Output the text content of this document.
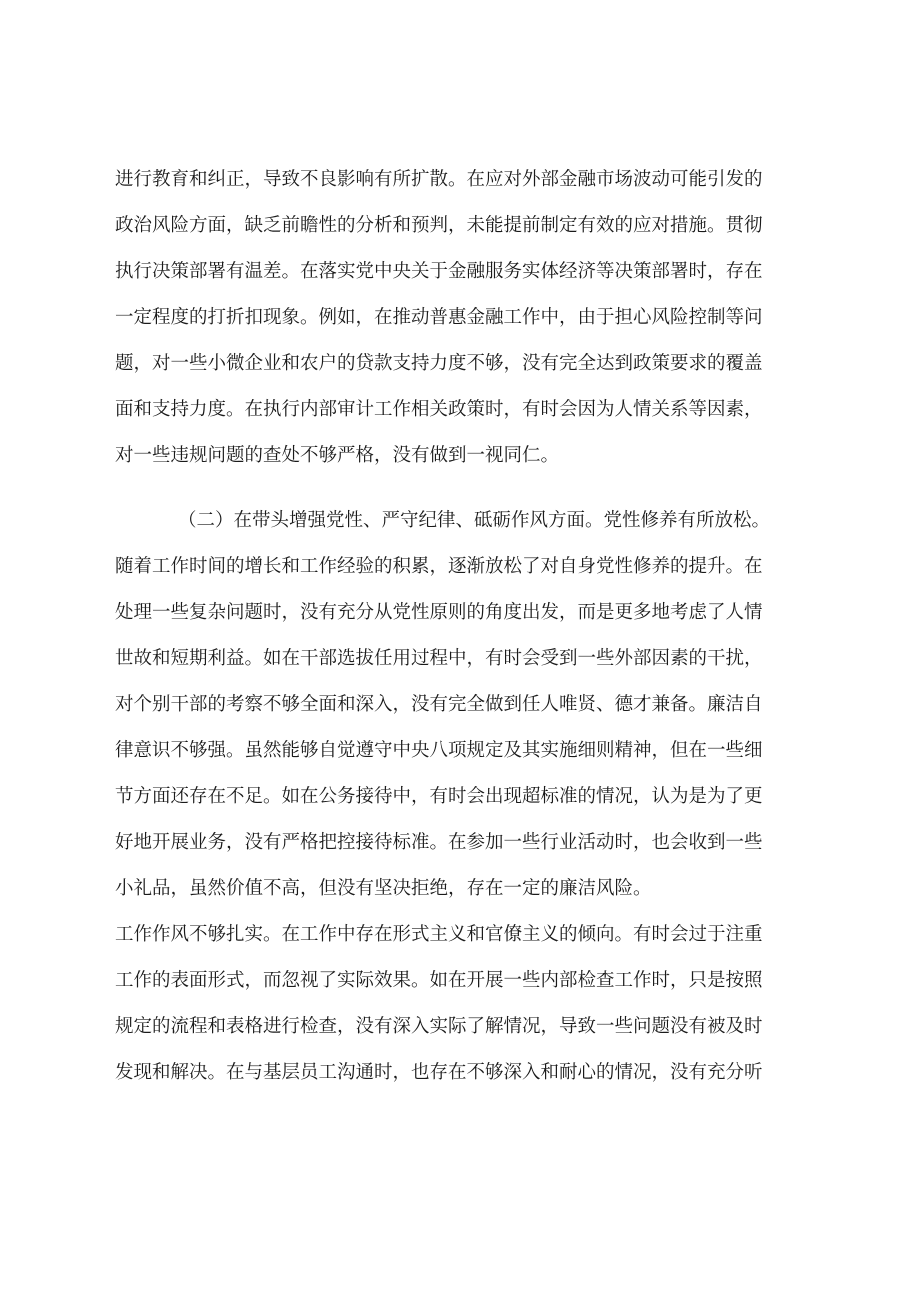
进行教育和纠正，导致不良影响有所扩散。在应对外部金融市场波动可能引发的
政治风险方面，缺乏前瞻性的分析和预判，未能提前制定有效的应对措施。贯彻
执行决策部署有温差。在落实党中央关于金融服务实体经济等决策部署时，存在
一定程度的打折扣现象。例如，在推动普惠金融工作中，由于担心风险控制等问
题，对一些小微企业和农户的贷款支持力度不够，没有完全达到政策要求的覆盖
面和支持力度。在执行内部审计工作相关政策时，有时会因为人情关系等因素，
对一些违规问题的查处不够严格，没有做到一视同仁。
（二）在带头增强党性、严守纪律、砥砺作风方面。党性修养有所放松。
随着工作时间的增长和工作经验的积累，逐渐放松了对自身党性修养的提升。在
处理一些复杂问题时，没有充分从党性原则的角度出发，而是更多地考虑了人情
世故和短期利益。如在干部选拔任用过程中，有时会受到一些外部因素的干扰，
对个别干部的考察不够全面和深入，没有完全做到任人唯贤、德才兼备。廉洁自
律意识不够强。虽然能够自觉遵守中央八项规定及其实施细则精神，但在一些细
节方面还存在不足。如在公务接待中，有时会出现超标准的情况，认为是为了更
好地开展业务，没有严格把控接待标准。在参加一些行业活动时，也会收到一些
小礼品，虽然价值不高，但没有坚决拒绝，存在一定的廉洁风险。
工作作风不够扎实。在工作中存在形式主义和官僚主义的倾向。有时会过于注重
工作的表面形式，而忽视了实际效果。如在开展一些内部检查工作时，只是按照
规定的流程和表格进行检查，没有深入实际了解情况，导致一些问题没有被及时
发现和解决。在与基层员工沟通时，也存在不够深入和耐心的情况，没有充分听
